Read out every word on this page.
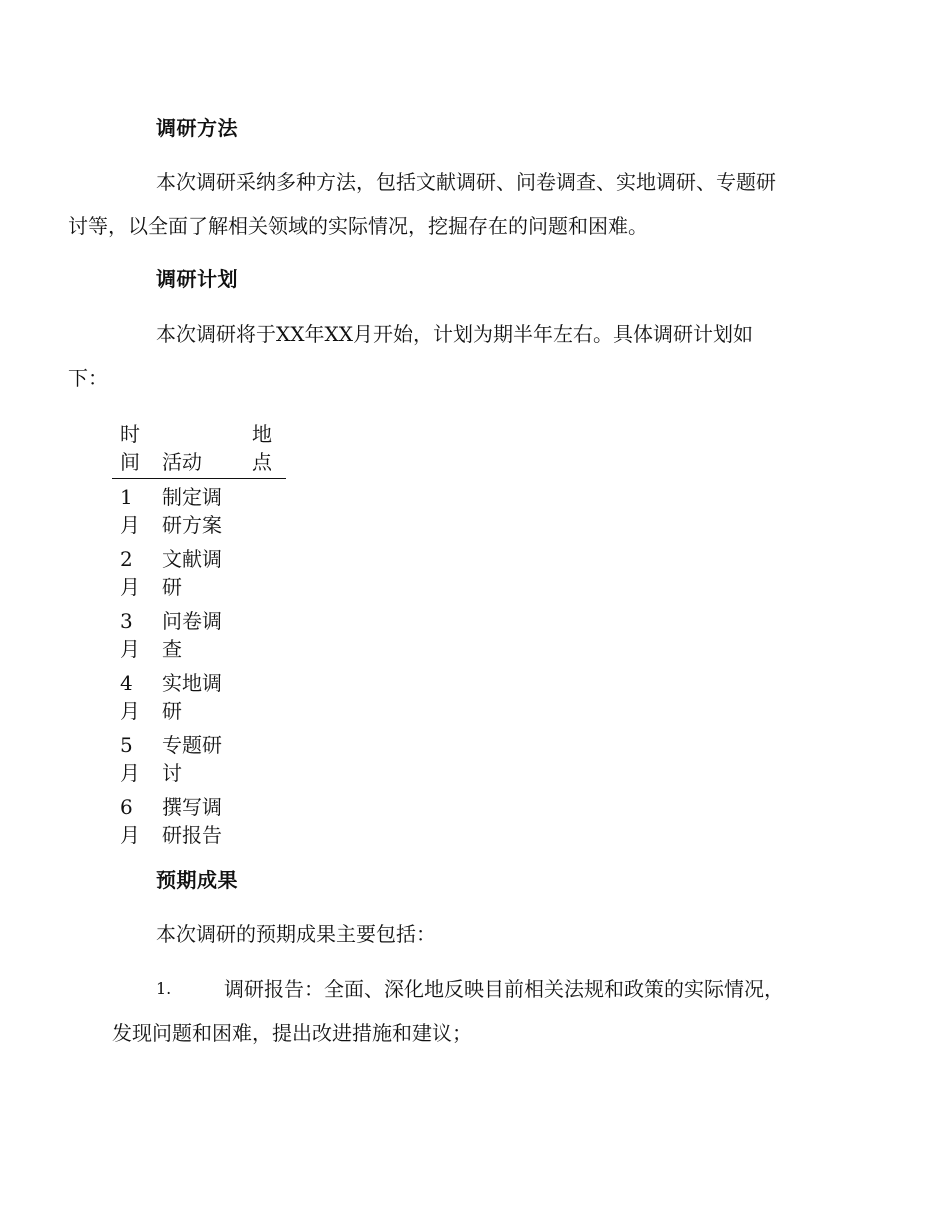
调研方法
本次调研采纳多种方法，包括文献调研、问卷调查、实地调研、专题研
讨等，以全面了解相关领域的实际情况，挖掘存在的问题和困难。
调研计划
本次调研将于XX年XX月开始，计划为期半年左右。具体调研计划如
下：
时
间
	活动
地
点
1
月
制定调
研方案
2
月
文献调
研
3
月
问卷调
查
4
月
实地调
研
5
月
专题研
讨
6
月
撰写调
研报告
预期成果
本次调研的预期成果主要包括：
1.	调研报告：全面、深化地反映目前相关法规和政策的实际情况，
发现问题和困难，提出改进措施和建议；
